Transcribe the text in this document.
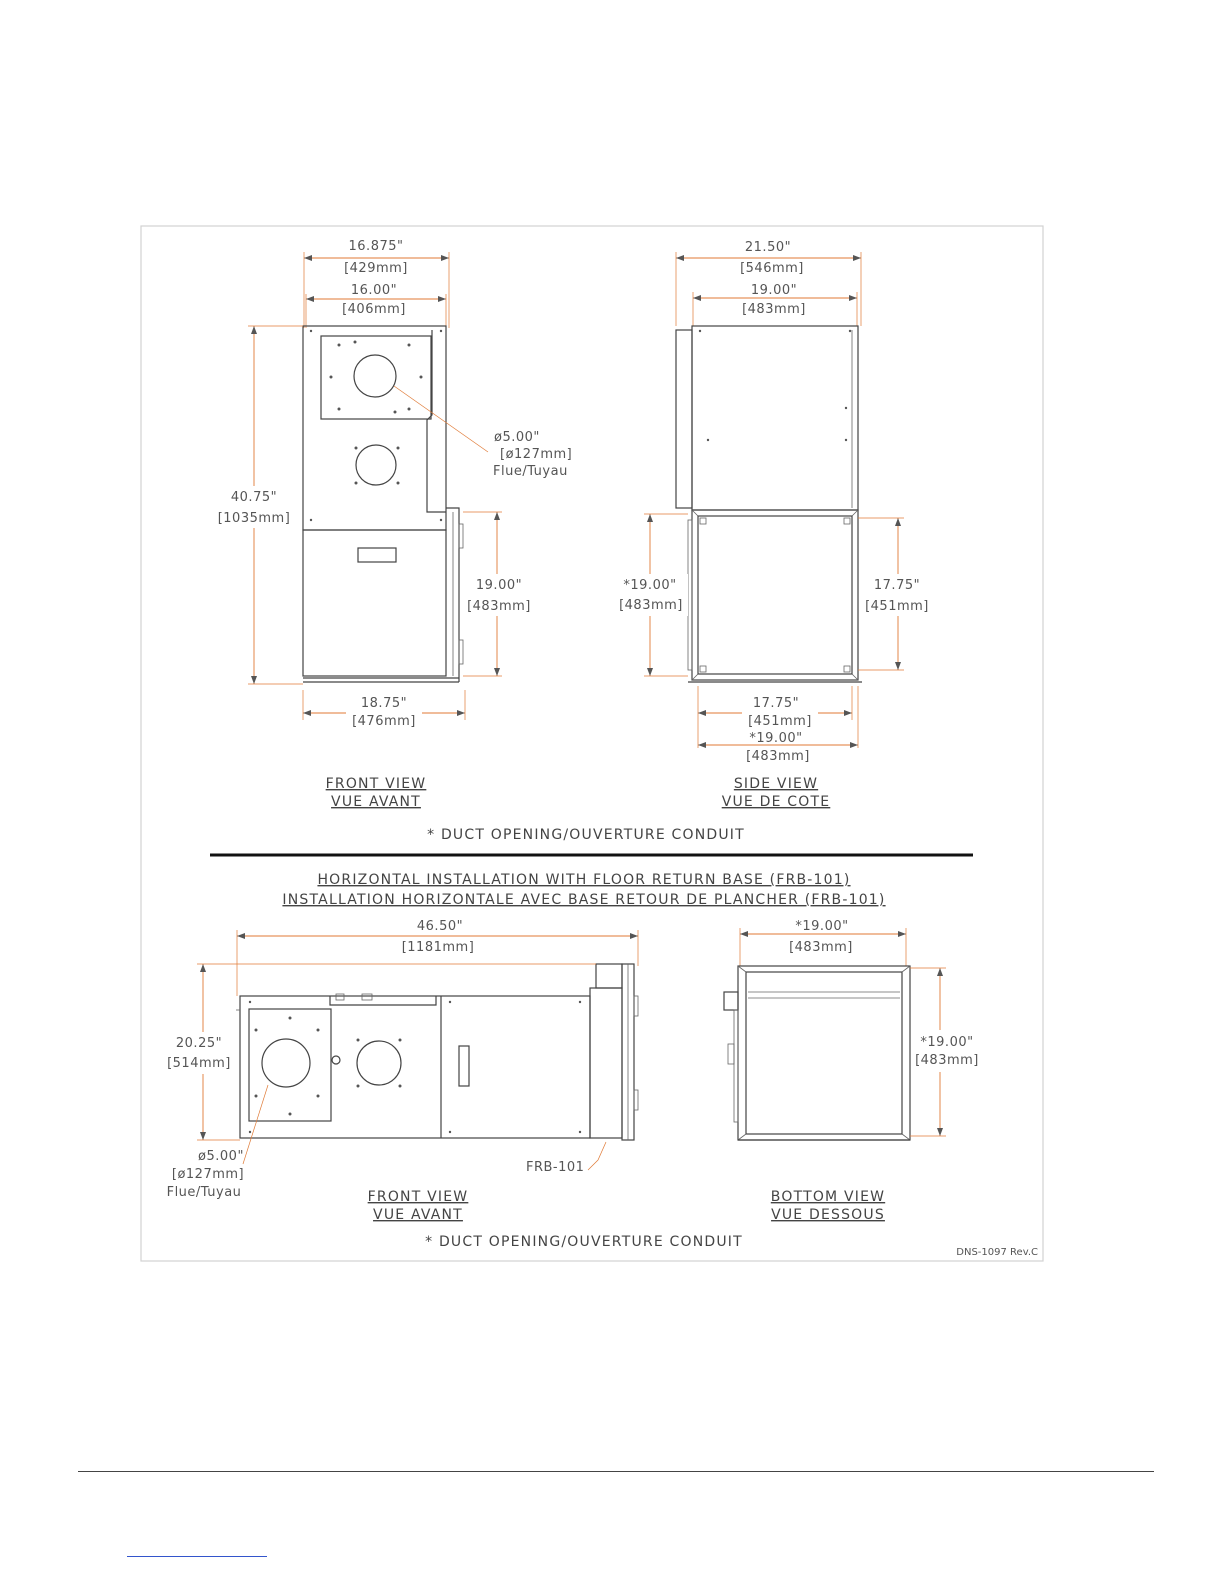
16.875"
[429mm]
16.00"
[406mm]
ø5.00"
[ø127mm]
Flue/Tuyau
40.75"
[1035mm]
19.00"
[483mm]
18.75"
[476mm]
FRONT VIEW
VUE AVANT
21.50"
[546mm]
19.00"
[483mm]
*19.00"
[483mm]
17.75"
[451mm]
17.75"
[451mm]
*19.00"
[483mm]
SIDE VIEW
VUE DE COTE
* DUCT OPENING/OUVERTURE CONDUIT
HORIZONTAL INSTALLATION WITH FLOOR RETURN BASE (FRB-101)
INSTALLATION HORIZONTALE AVEC BASE RETOUR DE PLANCHER (FRB-101)
46.50"
[1181mm]
20.25"
[514mm]
ø5.00"
[ø127mm]
Flue/Tuyau
FRB-101
FRONT VIEW
VUE AVANT
*19.00"
[483mm]
*19.00"
[483mm]
BOTTOM VIEW
VUE DESSOUS
* DUCT OPENING/OUVERTURE CONDUIT
DNS-1097 Rev.C
